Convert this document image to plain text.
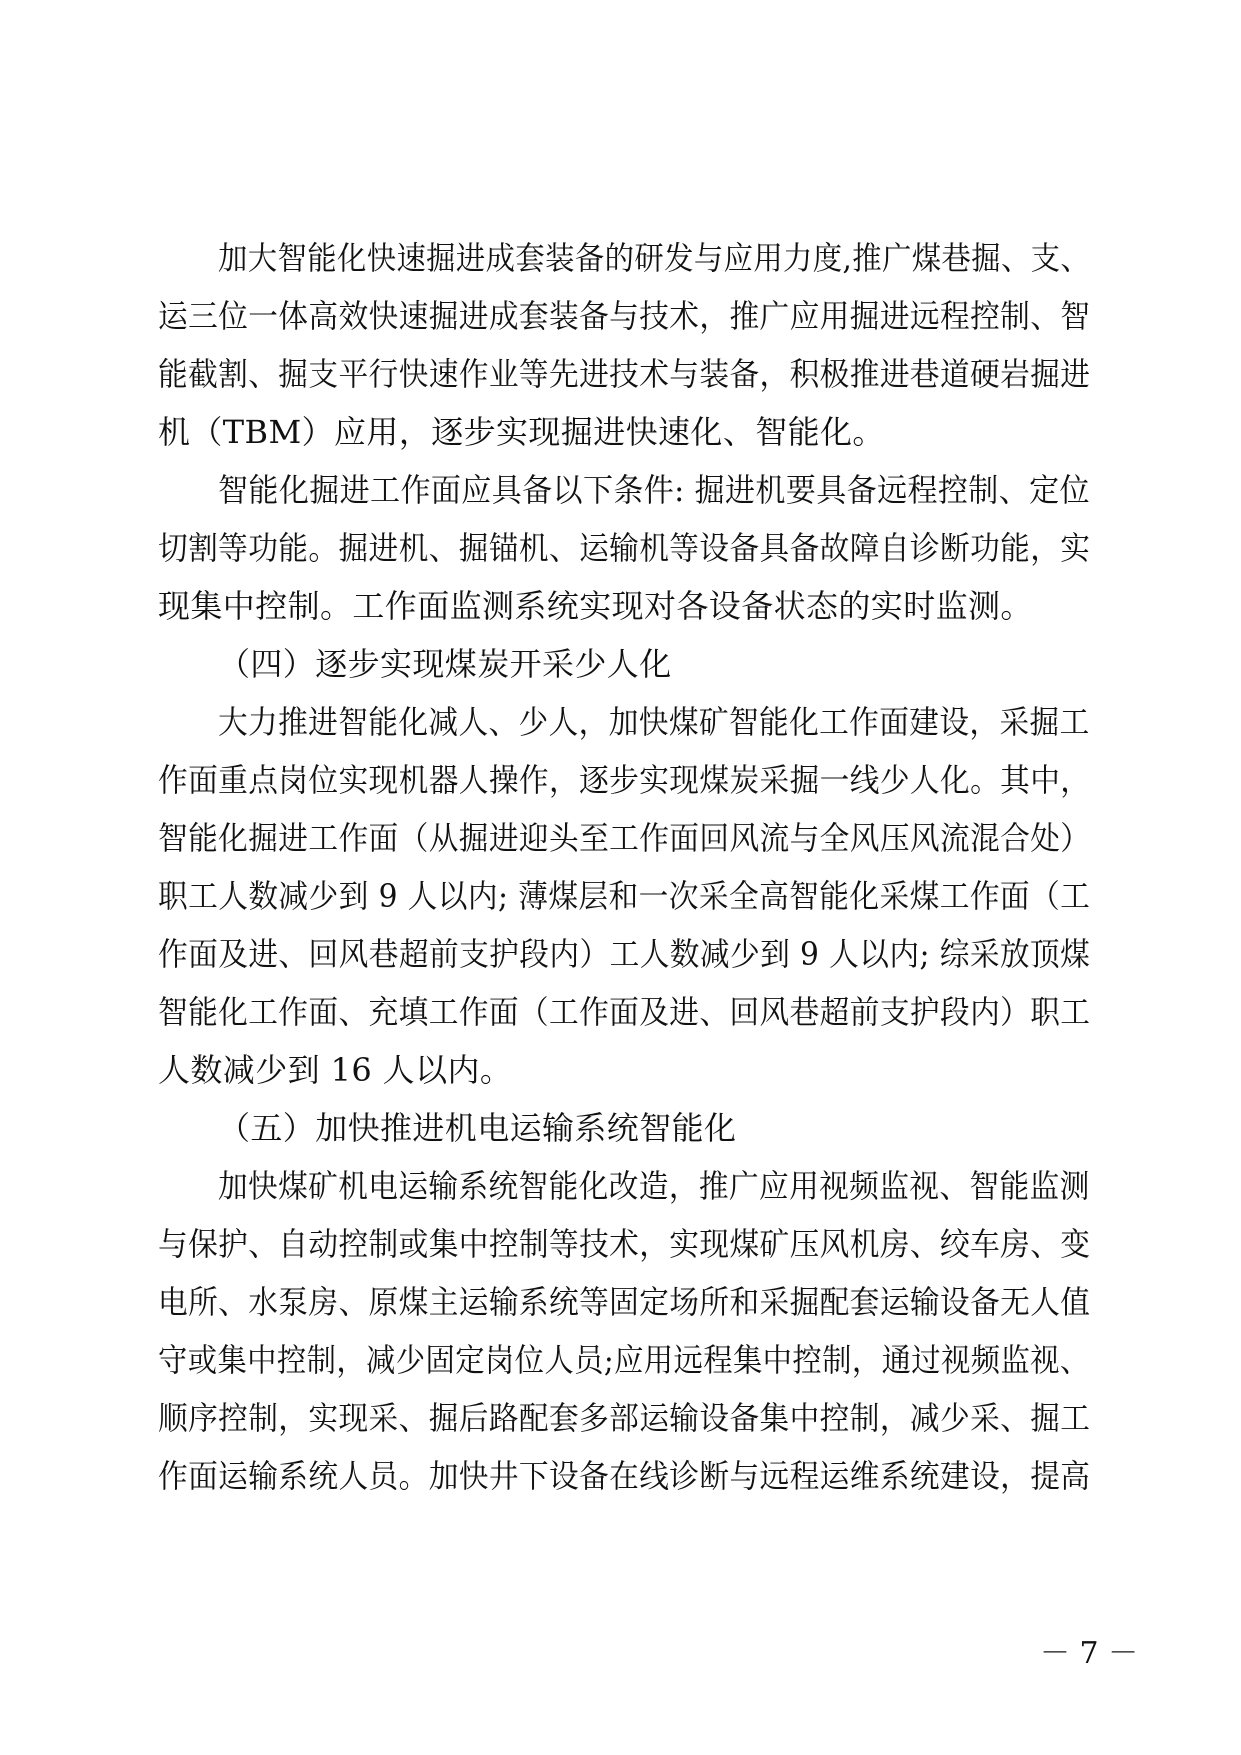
加大智能化快速掘进成套装备的研发与应用力度,推广煤巷掘、支、
运三位一体高效快速掘进成套装备与技术，推广应用掘进远程控制、智
能截割、掘支平行快速作业等先进技术与装备，积极推进巷道硬岩掘进
机（TBM）应用，逐步实现掘进快速化、智能化。
智能化掘进工作面应具备以下条件: 掘进机要具备远程控制、定位
切割等功能。掘进机、掘锚机、运输机等设备具备故障自诊断功能，实
现集中控制。工作面监测系统实现对各设备状态的实时监测。
（四）逐步实现煤炭开采少人化
大力推进智能化减人、少人，加快煤矿智能化工作面建设，采掘工
作面重点岗位实现机器人操作，逐步实现煤炭采掘一线少人化。其中，
智能化掘进工作面（从掘进迎头至工作面回风流与全风压风流混合处）
职工人数减少到 9 人以内; 薄煤层和一次采全高智能化采煤工作面（工
作面及进、回风巷超前支护段内）工人数减少到 9 人以内; 综采放顶煤
智能化工作面、充填工作面（工作面及进、回风巷超前支护段内）职工
人数减少到 16 人以内。
（五）加快推进机电运输系统智能化
加快煤矿机电运输系统智能化改造，推广应用视频监视、智能监测
与保护、自动控制或集中控制等技术，实现煤矿压风机房、绞车房、变
电所、水泵房、原煤主运输系统等固定场所和采掘配套运输设备无人值
守或集中控制，减少固定岗位人员;应用远程集中控制，通过视频监视、
顺序控制，实现采、掘后路配套多部运输设备集中控制，减少采、掘工
作面运输系统人员。加快井下设备在线诊断与远程运维系统建设，提高
－ 7 －
